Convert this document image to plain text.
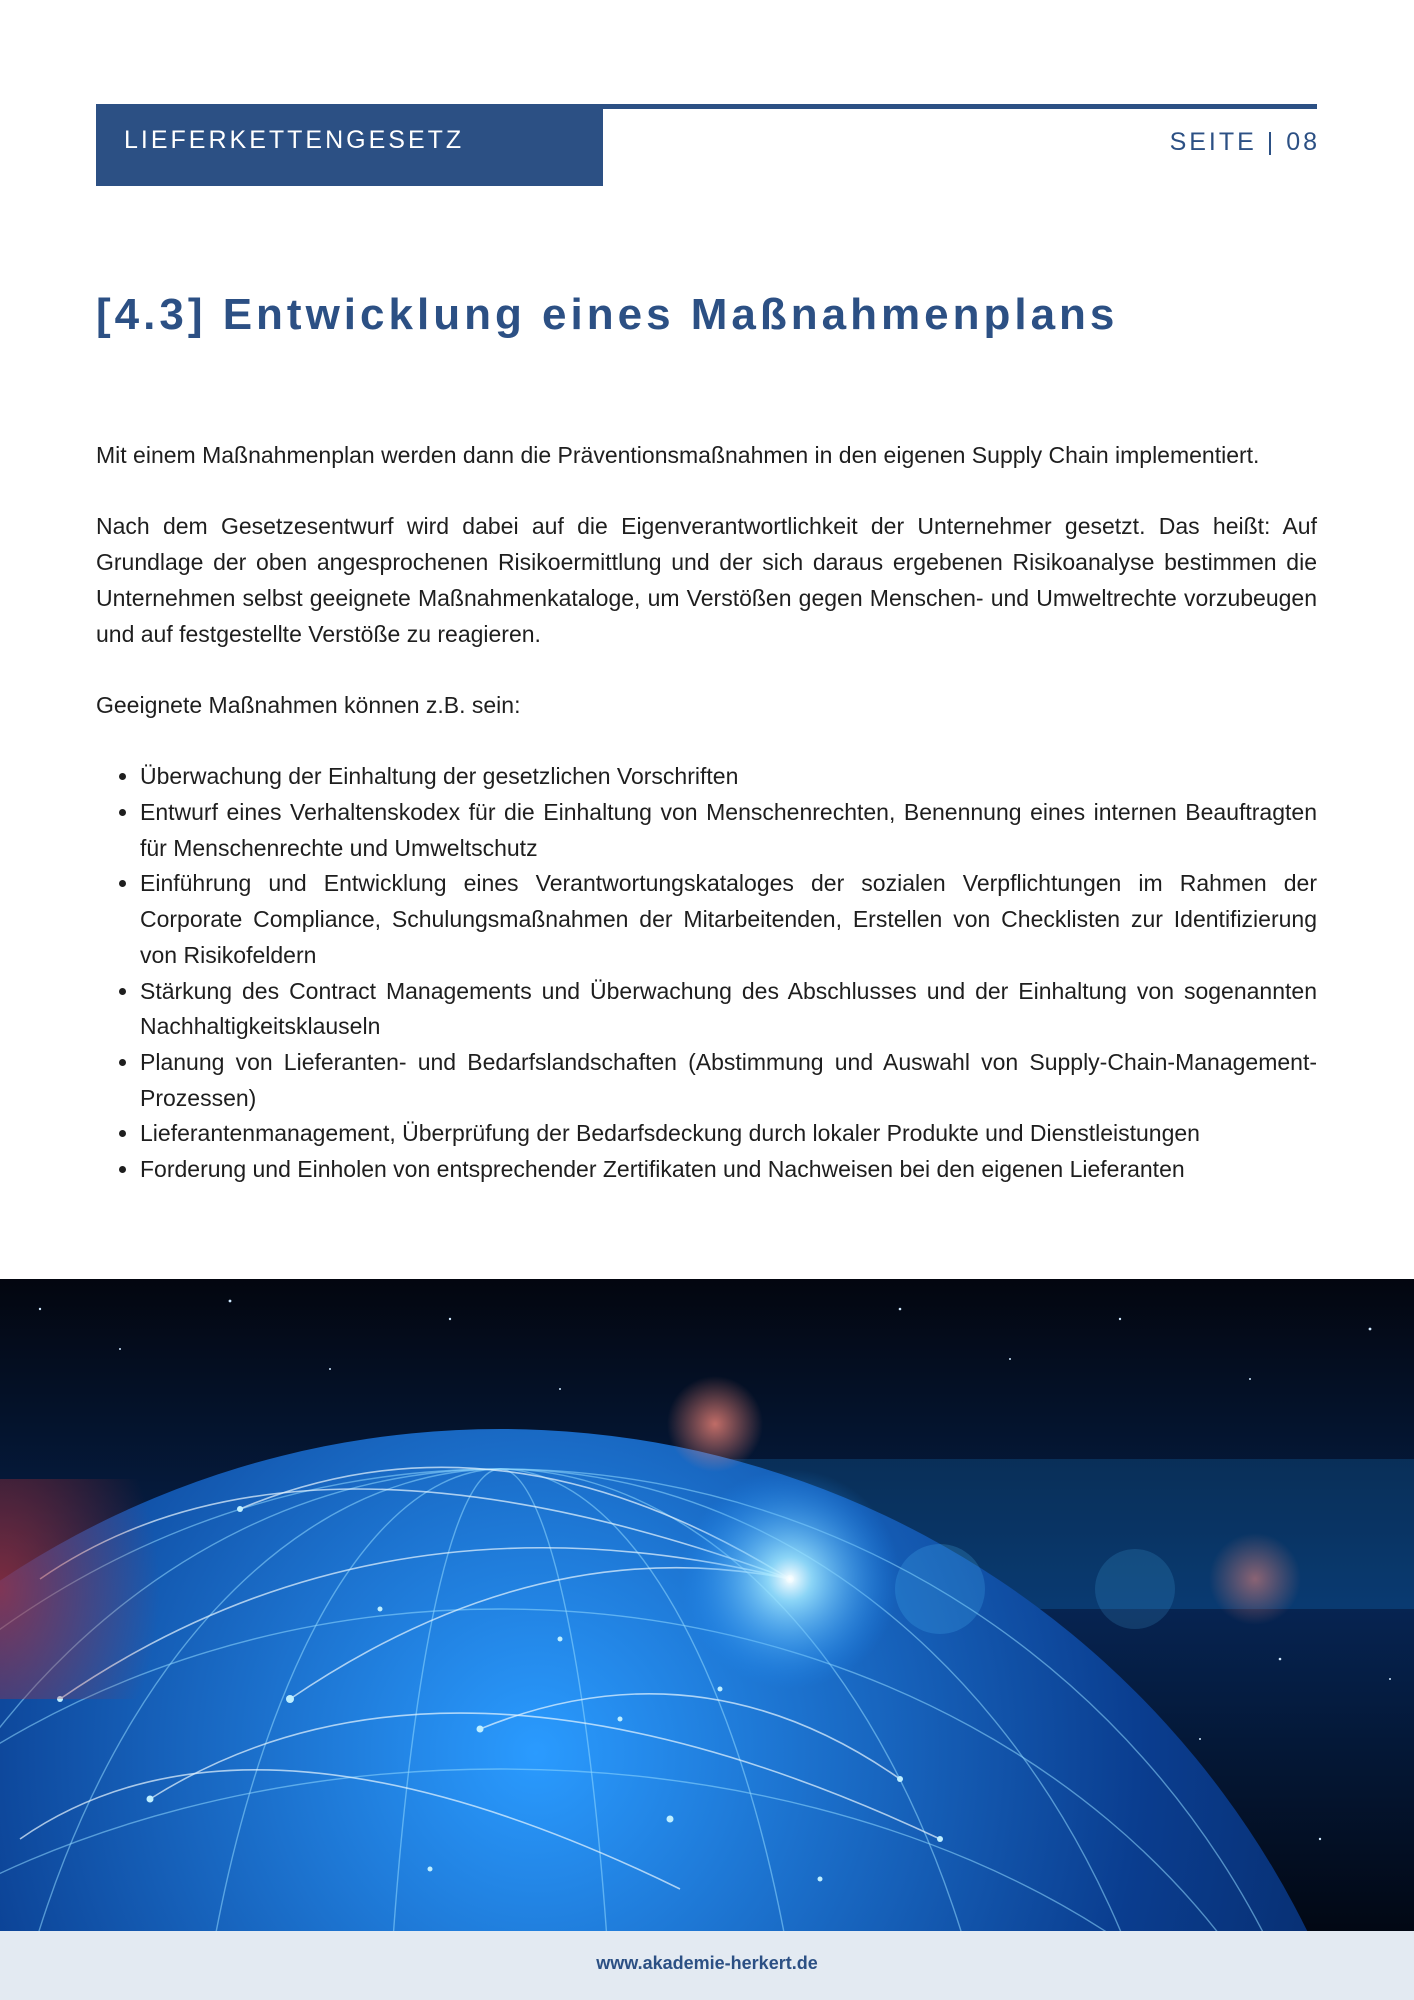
LIEFERKETTENGESETZ	SEITE | 08
[4.3] Entwicklung eines Maßnahmenplans

Mit einem Maßnahmenplan werden dann die Präventionsmaßnahmen in den eigenen Supply Chain implementiert.

Nach dem Gesetzesentwurf wird dabei auf die Eigenverantwortlichkeit der Unternehmer gesetzt. Das heißt: Auf Grundlage der oben angesprochenen Risikoermittlung und der sich daraus ergebenen Risikoanalyse bestimmen die Unternehmen selbst geeignete Maßnahmenkataloge, um Verstößen gegen Menschen- und Umweltrechte vorzubeugen und auf festgestellte Verstöße zu reagieren.

Geeignete Maßnahmen können z.B. sein:

• Überwachung der Einhaltung der gesetzlichen Vorschriften
• Entwurf eines Verhaltenskodex für die Einhaltung von Menschenrechten, Benennung eines internen Beauftragten für Menschenrechte und Umweltschutz
• Einführung und Entwicklung eines Verantwortungskataloges der sozialen Verpflichtungen im Rahmen der Corporate Compliance, Schulungsmaßnahmen der Mitarbeitenden, Erstellen von Checklisten zur Identifizierung von Risikofeldern
• Stärkung des Contract Managements und Überwachung des Abschlusses und der Einhaltung von sogenannten Nachhaltigkeitsklauseln
• Planung von Lieferanten- und Bedarfslandschaften (Abstimmung und Auswahl von Supply-Chain-Management-Prozessen)
• Lieferantenmanagement, Überprüfung der Bedarfsdeckung durch lokaler Produkte und Dienstleistungen
• Forderung und Einholen von entsprechender Zertifikaten und Nachweisen bei den eigenen Lieferanten
www.akademie-herkert.de
